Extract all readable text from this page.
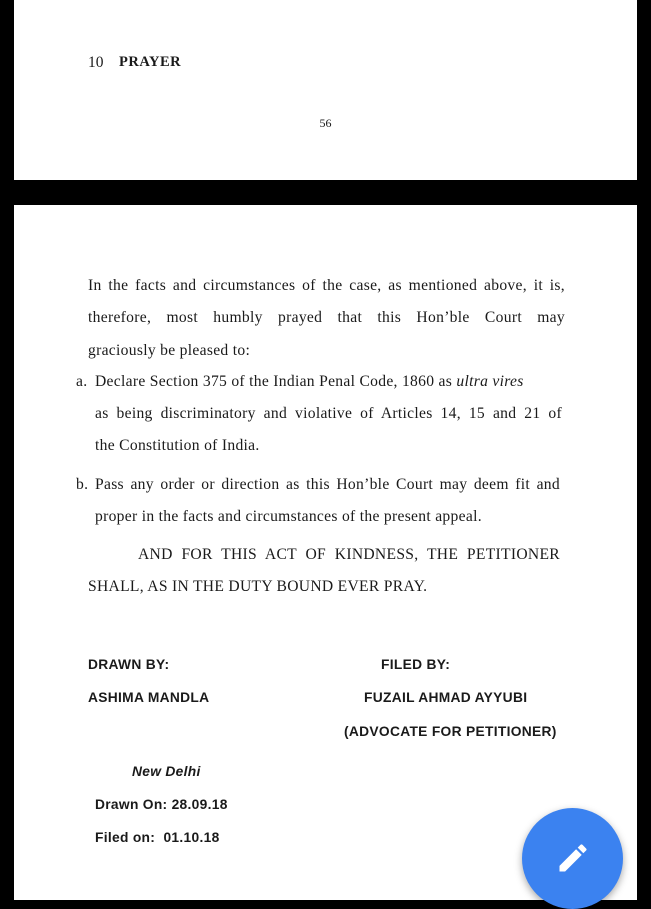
10 PRAYER
56
In the facts and circumstances of the case, as mentioned above, it is,
therefore, most humbly prayed that this Hon’ble Court may
graciously be pleased to:
a. Declare Section 375 of the Indian Penal Code, 1860 as ultra vires
as being discriminatory and violative of Articles 14, 15 and 21 of
the Constitution of India.
b. Pass any order or direction as this Hon’ble Court may deem fit and
proper in the facts and circumstances of the present appeal.
AND FOR THIS ACT OF KINDNESS, THE PETITIONER
SHALL, AS IN THE DUTY BOUND EVER PRAY.
DRAWN BY:	FILED BY:
ASHIMA MANDLA	FUZAIL AHMAD AYYUBI
(ADVOCATE FOR PETITIONER)
New Delhi
Drawn On: 28.09.18
Filed on:  01.10.18
